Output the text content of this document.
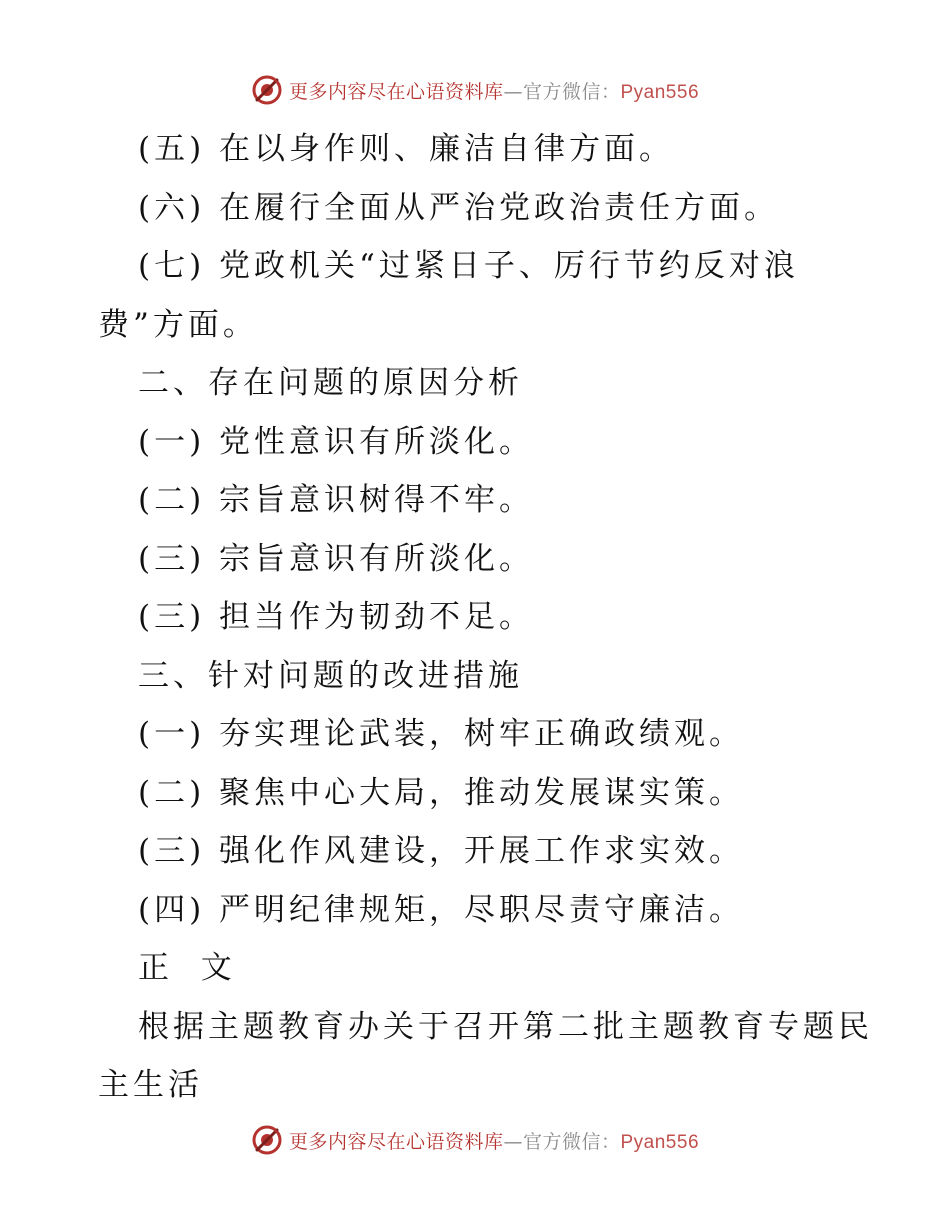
更多内容尽在心语资料库—官方微信：Pyan556
(五) 在以身作则、廉洁自律方面。
(六) 在履行全面从严治党政治责任方面。
(七) 党政机关“过紧日子、厉行节约反对浪
费”方面。
二、存在问题的原因分析
(一) 党性意识有所淡化。
(二) 宗旨意识树得不牢。
(三) 宗旨意识有所淡化。
(三) 担当作为韧劲不足。
三、针对问题的改进措施
(一) 夯实理论武装，树牢正确政绩观。
(二) 聚焦中心大局，推动发展谋实策。
(三) 强化作风建设，开展工作求实效。
(四) 严明纪律规矩，尽职尽责守廉洁。
正  文
根据主题教育办关于召开第二批主题教育专题民
主生活
更多内容尽在心语资料库—官方微信：Pyan556
